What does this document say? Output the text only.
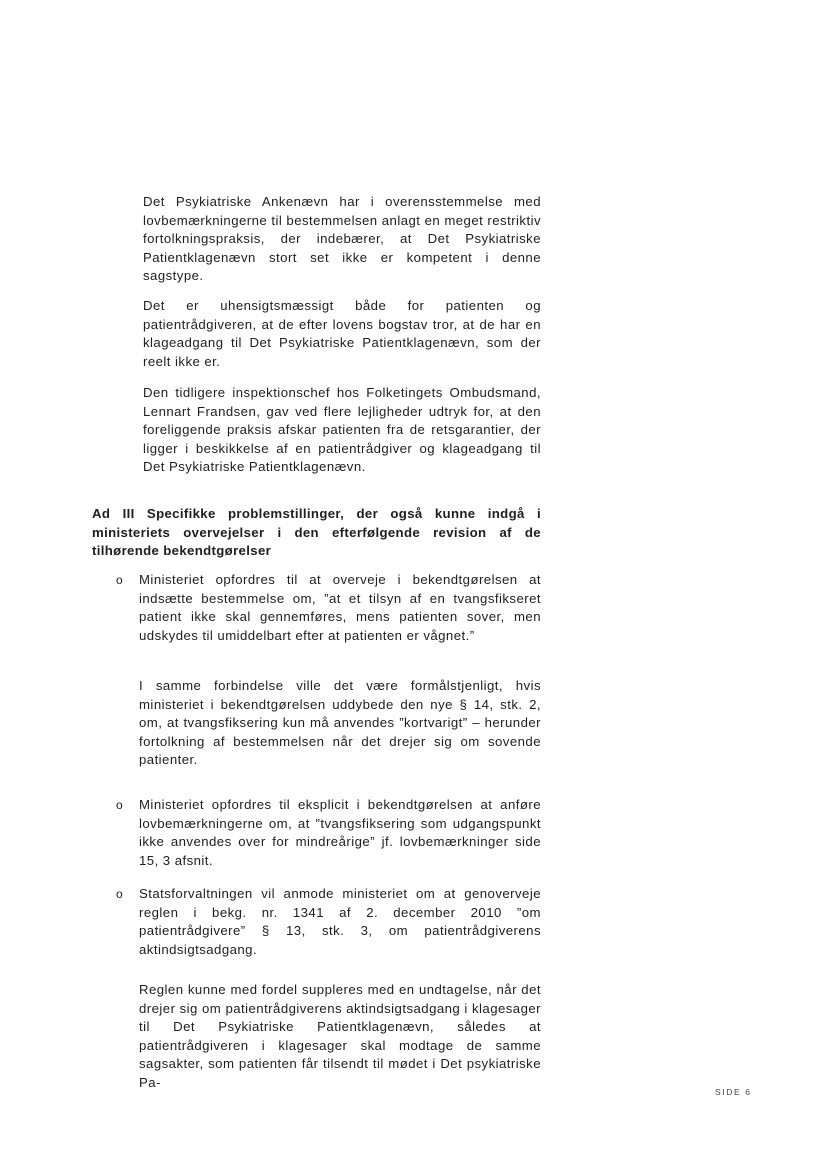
Det Psykiatriske Ankenævn har i overensstemmelse med lovbemærkningerne til bestemmelsen anlagt en meget restriktiv fortolkningspraksis, der indebærer, at Det Psykiatriske Patientklagenævn stort set ikke er kompetent i denne sagstype.

Det er uhensigtsmæssigt både for patienten og patientrådgiveren, at de efter lovens bogstav tror, at de har en klageadgang til Det Psykiatriske Patientklagenævn, som der reelt ikke er.

Den tidligere inspektionschef hos Folketingets Ombudsmand, Lennart Frandsen, gav ved flere lejligheder udtryk for, at den foreliggende praksis afskar patienten fra de retsgarantier, der ligger i beskikkelse af en patientrådgiver og klageadgang til Det Psykiatriske Patientklagenævn.

Ad III Specifikke problemstillinger, der også kunne indgå i ministeriets overvejelser i den efterfølgende revision af de tilhørende bekendtgørelser

o	Ministeriet opfordres til at overveje i bekendtgørelsen at indsætte bestemmelse om, ”at et tilsyn af en tvangsfikseret patient ikke skal gennemføres, mens patienten sover, men udskydes til umiddelbart efter at patienten er vågnet.”

I samme forbindelse ville det være formålstjenligt, hvis ministeriet i bekendtgørelsen uddybede den nye § 14, stk. 2, om, at tvangsfiksering kun må anvendes ”kortvarigt” – herunder fortolkning af bestemmelsen når det drejer sig om sovende patienter.

o	Ministeriet opfordres til eksplicit i bekendtgørelsen at anføre lovbemærkningerne om, at ”tvangsfiksering som udgangspunkt ikke anvendes over for mindreårige” jf. lovbemærkninger side 15, 3 afsnit.

o	Statsforvaltningen vil anmode ministeriet om at genoverveje reglen i bekg. nr. 1341 af 2. december 2010 ”om patientrådgivere” § 13, stk. 3, om patientrådgiverens aktindsigtsadgang.

Reglen kunne med fordel suppleres med en undtagelse, når det drejer sig om patientrådgiverens aktindsigtsadgang i klagesager til Det Psykiatriske Patientklagenævn, således at patientrådgiveren i klagesager skal modtage de samme sagsakter, som patienten får tilsendt til mødet i Det psykiatriske Pa-

SIDE 6
